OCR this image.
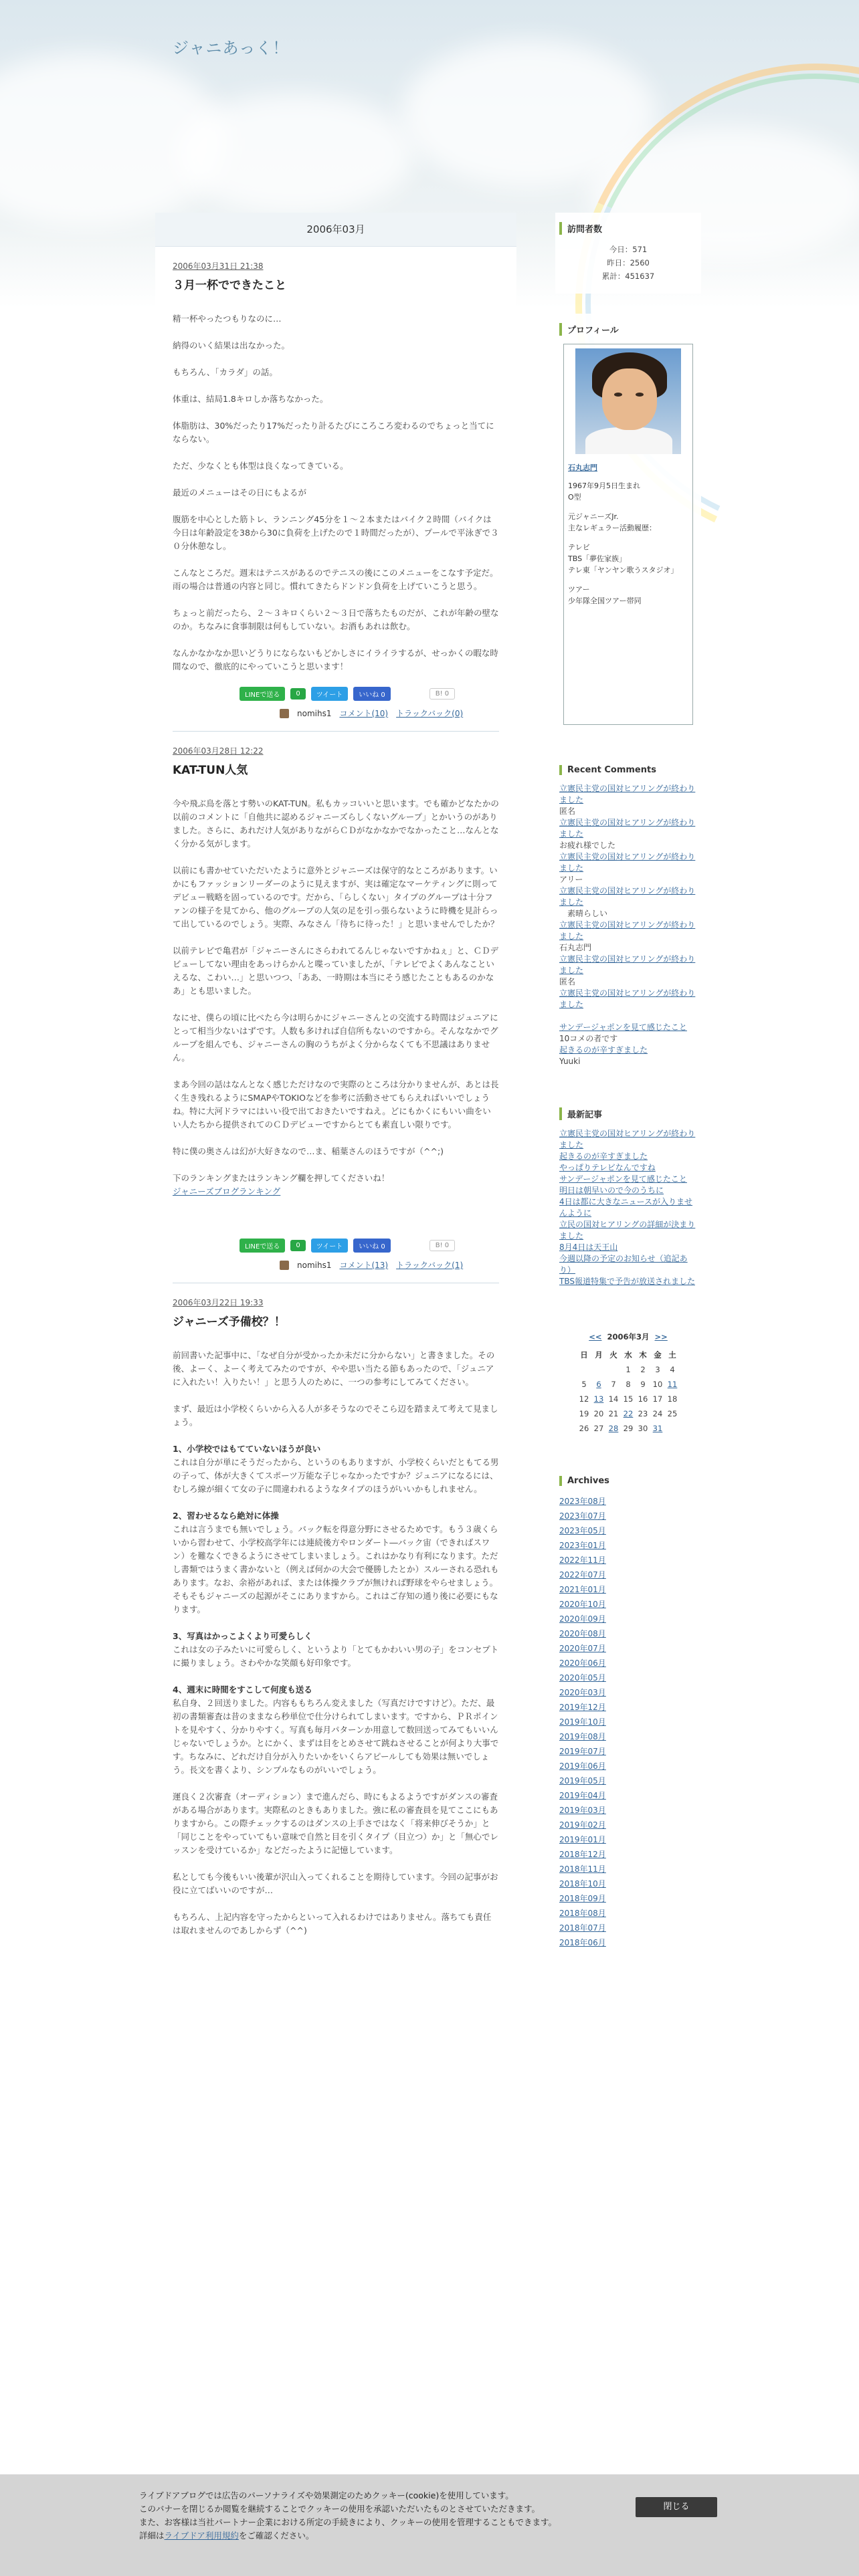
ジャニあっく！
2006年03月
2006年03月31日 21:38
３月一杯でできたこと

精一杯やったつもりなのに…

納得のいく結果は出なかった。

もちろん、「カラダ」の話。

体重は、結局1.8キロしか落ちなかった。

体脂肪は、30%だったり17%だったり計るたびにころころ変わるのでちょっと当てにならない。

ただ、少なくとも体型は良くなってきている。

最近のメニューはその日にもよるが

腹筋を中心とした筋トレ、ランニング45分を１～２本またはバイク２時間（バイクは今日は年齢設定を38から30に負荷を上げたので１時間だったが）、プールで平泳ぎで３０分休憩なし。

こんなところだ。週末はテニスがあるのでテニスの後にこのメニューをこなす予定だ。雨の場合は普通の内容と同じ。慣れてきたらドンドン負荷を上げていこうと思う。

ちょっと前だったら、２～３キロくらい２～３日で落ちたものだが、これが年齢の壁なのか。ちなみに食事制限は何もしていない。お酒もあれは飲む。

なんかなかなか思いどうりにならないもどかしさにイライラするが、せっかくの暇な時間なので、徹底的にやっていこうと思います！

LINEで送る	0	ツイート	いいね 0	B! 0
nomihs1 コメント(10) トラックバック(0)
2006年03月28日 12:22
KAT-TUN人気

今や飛ぶ鳥を落とす勢いのKAT-TUN。私もカッコいいと思います。でも確かどなたかの以前のコメントに「自他共に認めるジャニーズらしくないグループ」とかいうのがありました。さらに、あれだけ人気がありながらＣＤがなかなかでなかったこと…なんとなく分かる気がします。

以前にも書かせていただいたように意外とジャニーズは保守的なところがあります。いかにもファッションリーダーのように見えますが、実は確定なマーケティングに則ってデビュー戦略を固っているのです。だから、「らしくない」タイプのグループは十分ファンの様子を見てから、他のグループの人気の足を引っ張らないように時機を見計らって出しているのでしょう。実際、みなさん「待ちに待った！」と思いませんでしたか？

以前テレビで亀君が「ジャニーさんにさらわれてるんじゃないですかねぇ」と、ＣＤデビューしてない理由をあっけらかんと喋っていましたが、「テレビでよくあんなこといえるな、こわい…」と思いつつ、「ああ、一時期は本当にそう感じたこともあるのかなあ」とも思いました。

なにせ、僕らの頃に比べたら今は明らかにジャニーさんとの交流する時間はジュニアにとって相当少ないはずです。人数も多ければ自信所もないのですから。そんななかでグループを組んでも、ジャニーさんの胸のうちがよく分からなくても不思議はありません。

まあ今回の話はなんとなく感じただけなので実際のところは分かりませんが、あとは長く生き残れるようにSMAPやTOKIOなどを参考に活動させてもらえればいいでしょうね。特に大河ドラマにはいい役で出ておきたいですねえ。どにもかくにもいい曲をいい人たちから提供されてのＣＤデビューですからとても素直しい限りです。

特に僕の奥さんは幻が大好きなので…ま、稲葉さんのほうですが（^^;)

下のランキングまたはランキング欄を押してくださいね！

ジャニーズブログランキング

LINEで送る	0	ツイート	いいね 0	B! 0
nomihs1 コメント(13) トラックバック(1)
2006年03月22日 19:33
ジャニーズ予備校？！

前回書いた記事中に、「なぜ自分が受かったか未だに分からない」と書きました。その後、よーく、よーく考えてみたのですが、やや思い当たる節もあったので、「ジュニアに入れたい！入りたい！」と思う人のために、一つの参考にしてみてください。

まず、最近は小学校くらいから入る人が多そうなのでそこら辺を踏まえて考えて見ましょう。

1、小学校ではもてていないほうが良い

これは自分が単にそうだったから、というのもありますが、小学校くらいだともてる男の子って、体が大きくてスポーツ万能な子じゃなかったですか？ジュニアになるには、むしろ線が細くて女の子に間違われるようなタイプのほうがいいかもしれません。

2、習わせるなら絶対に体操

これは言うまでも無いでしょう。バック転を得意分野にさせるためです。もう３歳くらいから習わせて、小学校高学年には連続後方やロンダート―バック宙（できればスワン）を難なくできるようにさせてしまいましょう。これはかなり有利になります。ただし書類ではうまく書かないと（例えば何かの大会で優勝したとか）スルーされる恐れもあります。なお、余裕があれば、または体操クラブが無ければ野球をやらせましょう。そもそもジャニーズの起源がそこにありますから。これはご存知の通り後に必要にもなります。

3、写真はかっこよくより可愛らしく

これは女の子みたいに可愛らしく、というより「とてもかわいい男の子」をコンセプトに撮りましょう。さわやかな笑顔も好印象です。

4、週末に時間をすこして何度も送る

私自身、２回送りました。内容ももちろん変えました（写真だけですけど）。ただ、最初の書類審査は昔のままなら秒単位で仕分けられてしまいます。ですから、ＰＲポイントを見やすく、分かりやすく。写真も毎月パターンか用意して数回送ってみてもいいんじゃないでしょうか。とにかく、まずは目をとめさせて跳ねさせることが何より大事です。ちなみに、どれだけ自分が入りたいかをいくらアピールしても効果は無いでしょう。長文を書くより、シンプルなものがいいでしょう。

運良く２次審査（オーディション）まで進んだら、時にもよるようですがダンスの審査がある場合があります。実際私のときもありました。強に私の審査員を見てここにもありますから。この際チェックするのはダンスの上手さではなく「将来伸びそうか」と「同じことをやっていてもい意味で自然と目を引くタイプ（目立つ）か」と「無心でレッスンを受けているか」などだったように記憶しています。

私としても今後もいい後輩が沢山入ってくれることを期待しています。今回の記事がお役に立てばいいのですが…

もちろん、上記内容を守ったからといって入れるわけではありません。落ちても責任は取れませんのであしからず（^^)

訪問者数
今日：571
昨日：2560
累計：451637
プロフィール
石丸志門

1967年9月5日生まれ
O型

元ジャニーズJr.
主なレギュラー活動履歴：

テレビ
TBS「夢佐家族」
テレ東「ヤンヤン歌うスタジオ」

ツアー
少年隊全国ツアー帯同

Recent Comments
立憲民主党の国対ヒアリングが終わりました
匿名
立憲民主党の国対ヒアリングが終わりました
お疲れ様でした
立憲民主党の国対ヒアリングが終わりました
アリー
立憲民主党の国対ヒアリングが終わりました
　素晴らしい
立憲民主党の国対ヒアリングが終わりました
石丸志門
立憲民主党の国対ヒアリングが終わりました
匿名
立憲民主党の国対ヒアリングが終わりました
サンデージャポンを見て感じたこと
10コメの者です
起きるのが辛すぎました
Yuuki
最新記事
立憲民主党の国対ヒアリングが終わりました
起きるのが辛すぎました
やっぱりテレビなんですね
サンデージャポンを見て感じたこと
明日は朝早いので今のうちに
4日は都に大きなニュースが入りませんように
立民の国対ヒアリングの詳細が決まりました
8月4日は天王山
今週以降の予定のお知らせ（追記あり）
TBS報道特集で予告が放送されました
<< 2006年3月 >>
日	月	火	水	木	金	土
			1	2	3	4
5	6	7	8	9	10	11
12	13	14	15	16	17	18
19	20	21	22	23	24	25
26	27	28	29	30	31	
Archives
2023年08月
2023年07月
2023年05月
2023年01月
2022年11月
2022年07月
2021年01月
2020年10月
2020年09月
2020年08月
2020年07月
2020年06月
2020年05月
2020年03月
2019年12月
2019年10月
2019年08月
2019年07月
2019年06月
2019年05月
2019年04月
2019年03月
2019年02月
2019年01月
2018年12月
2018年11月
2018年10月
2018年09月
2018年08月
2018年07月
2018年06月
ライブドアブログでは広告のパーソナライズや効果測定のためクッキー(cookie)を使用しています。
このバナーを閉じるか閲覧を継続することでクッキーの使用を承認いただいたものとさせていただきます。
また、お客様は当社パートナー企業における所定の手続きにより、クッキーの使用を管理することもできます。
詳細はライブドア利用規約をご確認ください。
閉じる
